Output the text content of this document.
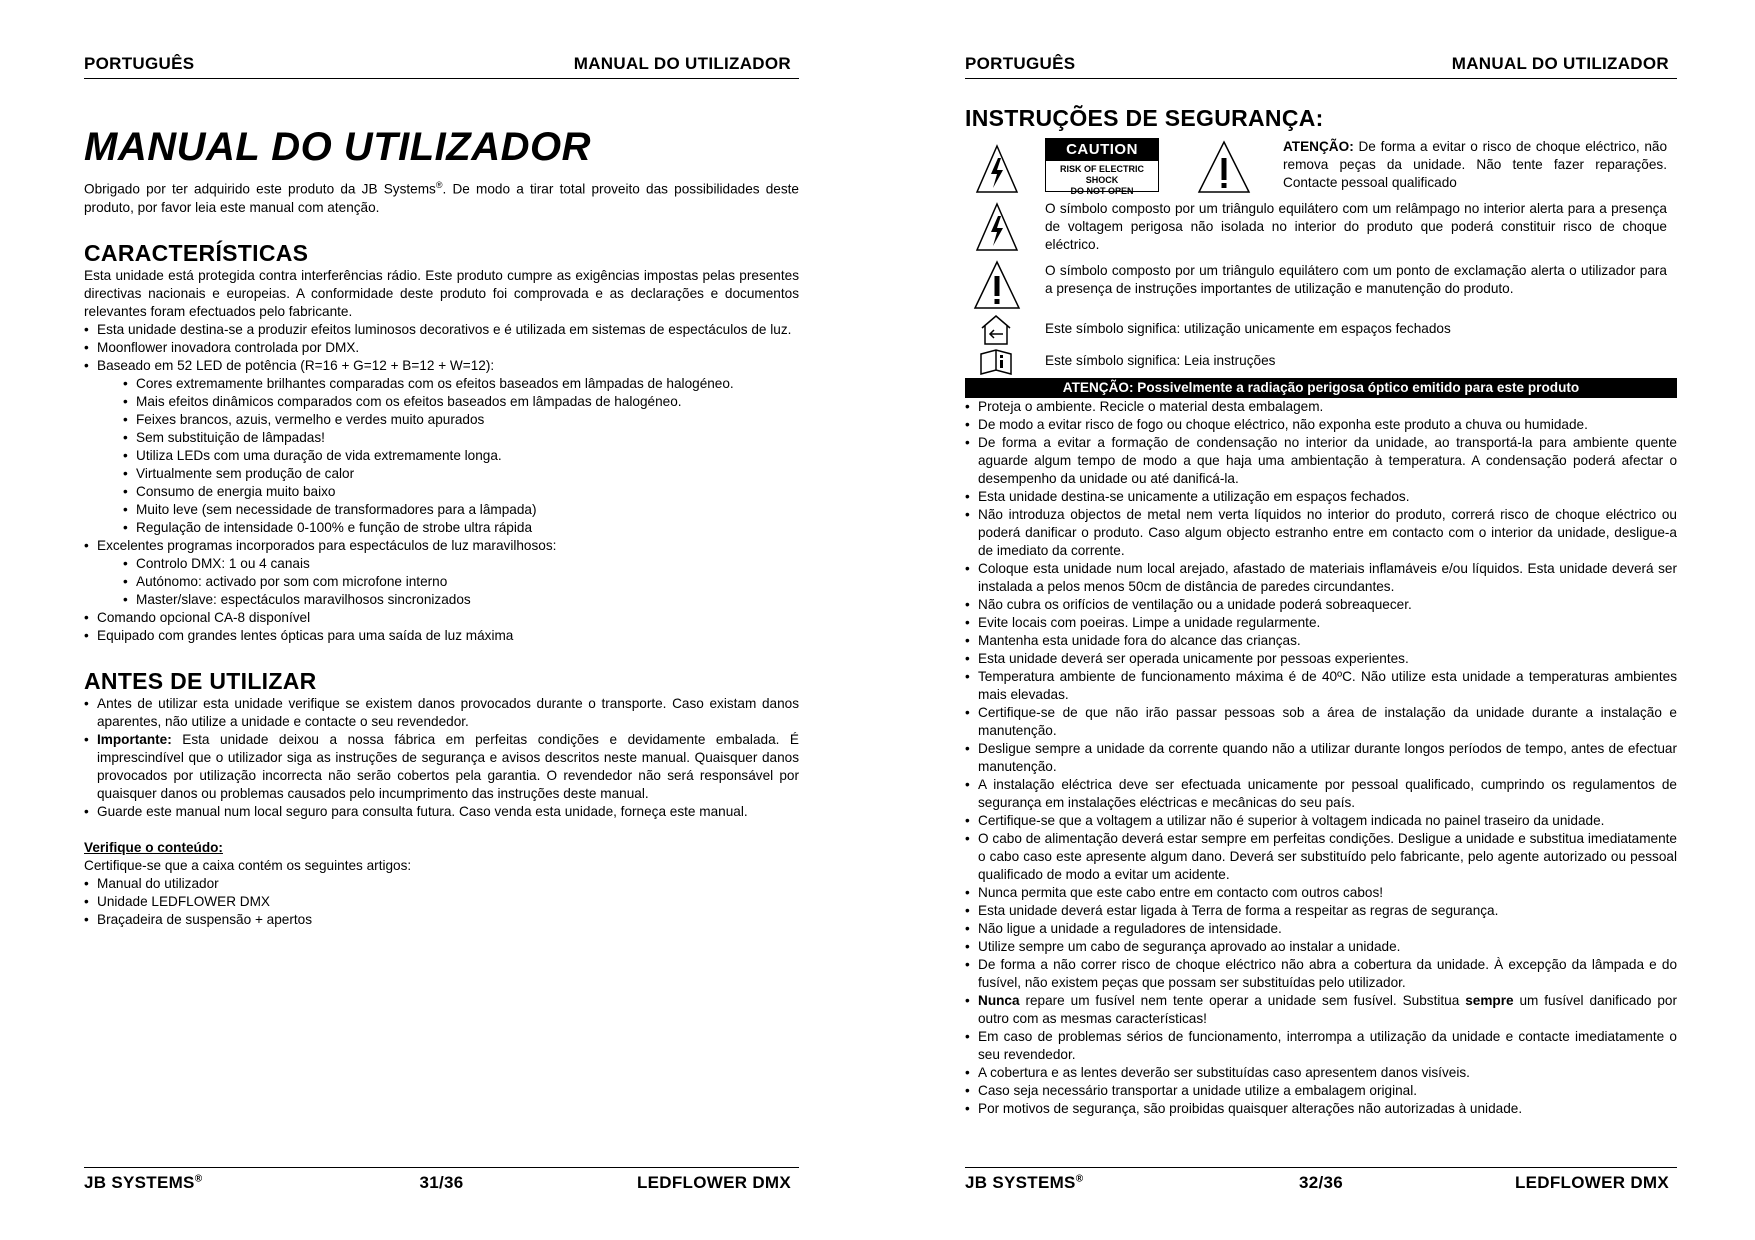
PORTUGUÊS	MANUAL DO UTILIZADOR
MANUAL DO UTILIZADOR

Obrigado por ter adquirido este produto da JB Systems®. De modo a tirar total proveito das possibilidades deste produto, por favor leia este manual com atenção.

CARACTERÍSTICAS

Esta unidade está protegida contra interferências rádio. Este produto cumpre as exigências impostas pelas presentes directivas nacionais e europeias. A conformidade deste produto foi comprovada e as declarações e documentos relevantes foram efectuados pelo fabricante.

• Esta unidade destina-se a produzir efeitos luminosos decorativos e é utilizada em sistemas de espectáculos de luz.
• Moonflower inovadora controlada por DMX.
• Baseado em 52 LED de potência (R=16 + G=12 + B=12 + W=12):
• Cores extremamente brilhantes comparadas com os efeitos baseados em lâmpadas de halogéneo.
• Mais efeitos dinâmicos comparados com os efeitos baseados em lâmpadas de halogéneo.
• Feixes brancos, azuis, vermelho e verdes muito apurados
• Sem substituição de lâmpadas!
• Utiliza LEDs com uma duração de vida extremamente longa.
• Virtualmente sem produção de calor
• Consumo de energia muito baixo
• Muito leve (sem necessidade de transformadores para a lâmpada)
• Regulação de intensidade 0-100% e função de strobe ultra rápida
• Excelentes programas incorporados para espectáculos de luz maravilhosos:
• Controlo DMX: 1 ou 4 canais
• Autónomo: activado por som com microfone interno
• Master/slave: espectáculos maravilhosos sincronizados
• Comando opcional CA-8 disponível
• Equipado com grandes lentes ópticas para uma saída de luz máxima
ANTES DE UTILIZAR
• Antes de utilizar esta unidade verifique se existem danos provocados durante o transporte. Caso existam danos aparentes, não utilize a unidade e contacte o seu revendedor.
• Importante: Esta unidade deixou a nossa fábrica em perfeitas condições e devidamente embalada. É imprescindível que o utilizador siga as instruções de segurança e avisos descritos neste manual. Quaisquer danos provocados por utilização incorrecta não serão cobertos pela garantia. O revendedor não será responsável por quaisquer danos ou problemas causados pelo incumprimento das instruções deste manual.
• Guarde este manual num local seguro para consulta futura. Caso venda esta unidade, forneça este manual.

Verifique o conteúdo:

Certifique-se que a caixa contém os seguintes artigos:

• Manual do utilizador
• Unidade LEDFLOWER DMX
• Braçadeira de suspensão + apertos
JB SYSTEMS®	31/36	LEDFLOWER DMX
PORTUGUÊS	MANUAL DO UTILIZADOR
INSTRUÇÕES DE SEGURANÇA:
CAUTION
RISK OF ELECTRIC SHOCK
DO NOT OPEN

ATENÇÃO: De forma a evitar o risco de choque eléctrico, não remova peças da unidade. Não tente fazer reparações. Contacte pessoal qualificado

O símbolo composto por um triângulo equilátero com um relâmpago no interior alerta para a presença de voltagem perigosa não isolada no interior do produto que poderá constituir risco de choque eléctrico.

O símbolo composto por um triângulo equilátero com um ponto de exclamação alerta o utilizador para a presença de instruções importantes de utilização e manutenção do produto.

Este símbolo significa: utilização unicamente em espaços fechados

Este símbolo significa: Leia instruções

ATENÇÃO: Possivelmente a radiação perigosa óptico emitido para este produto
• Proteja o ambiente. Recicle o material desta embalagem.
• De modo a evitar risco de fogo ou choque eléctrico, não exponha este produto a chuva ou humidade.
• De forma a evitar a formação de condensação no interior da unidade, ao transportá-la para ambiente quente aguarde algum tempo de modo a que haja uma ambientação à temperatura. A condensação poderá afectar o desempenho da unidade ou até danificá-la.
• Esta unidade destina-se unicamente a utilização em espaços fechados.
• Não introduza objectos de metal nem verta líquidos no interior do produto, correrá risco de choque eléctrico ou poderá danificar o produto. Caso algum objecto estranho entre em contacto com o interior da unidade, desligue-a de imediato da corrente.
• Coloque esta unidade num local arejado, afastado de materiais inflamáveis e/ou líquidos. Esta unidade deverá ser instalada a pelos menos 50cm de distância de paredes circundantes.
• Não cubra os orifícios de ventilação ou a unidade poderá sobreaquecer.
• Evite locais com poeiras. Limpe a unidade regularmente.
• Mantenha esta unidade fora do alcance das crianças.
• Esta unidade deverá ser operada unicamente por pessoas experientes.
• Temperatura ambiente de funcionamento máxima é de 40ºC. Não utilize esta unidade a temperaturas ambientes mais elevadas.
• Certifique-se de que não irão passar pessoas sob a área de instalação da unidade durante a instalação e manutenção.
• Desligue sempre a unidade da corrente quando não a utilizar durante longos períodos de tempo, antes de efectuar manutenção.
• A instalação eléctrica deve ser efectuada unicamente por pessoal qualificado, cumprindo os regulamentos de segurança em instalações eléctricas e mecânicas do seu país.
• Certifique-se que a voltagem a utilizar não é superior à voltagem indicada no painel traseiro da unidade.
• O cabo de alimentação deverá estar sempre em perfeitas condições. Desligue a unidade e substitua imediatamente o cabo caso este apresente algum dano. Deverá ser substituído pelo fabricante, pelo agente autorizado ou pessoal qualificado de modo a evitar um acidente.
• Nunca permita que este cabo entre em contacto com outros cabos!
• Esta unidade deverá estar ligada à Terra de forma a respeitar as regras de segurança.
• Não ligue a unidade a reguladores de intensidade.
• Utilize sempre um cabo de segurança aprovado ao instalar a unidade.
• De forma a não correr risco de choque eléctrico não abra a cobertura da unidade. À excepção da lâmpada e do fusível, não existem peças que possam ser substituídas pelo utilizador.
• Nunca repare um fusível nem tente operar a unidade sem fusível. Substitua sempre um fusível danificado por outro com as mesmas características!
• Em caso de problemas sérios de funcionamento, interrompa a utilização da unidade e contacte imediatamente o seu revendedor.
• A cobertura e as lentes deverão ser substituídas caso apresentem danos visíveis.
• Caso seja necessário transportar a unidade utilize a embalagem original.
• Por motivos de segurança, são proibidas quaisquer alterações não autorizadas à unidade.
JB SYSTEMS®	32/36	LEDFLOWER DMX
